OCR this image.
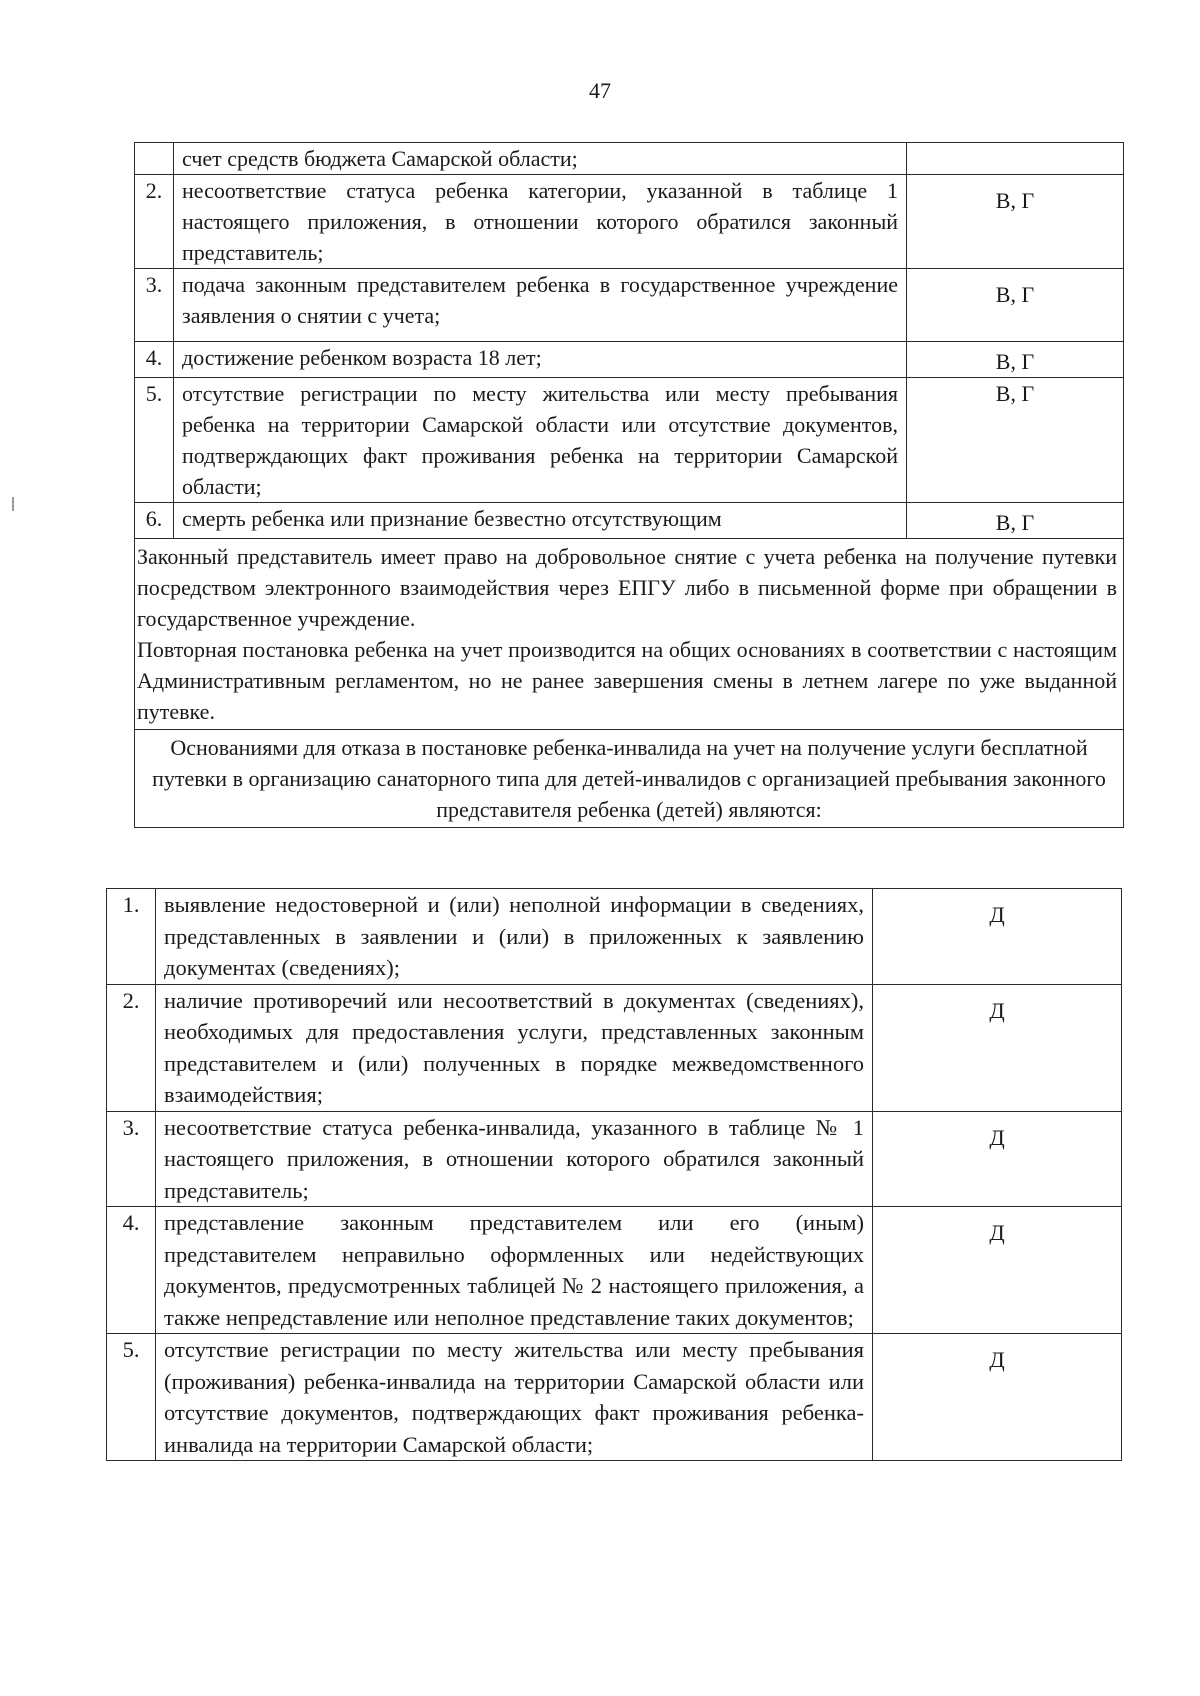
47
	счет средств бюджета Самарской области;	
2.	несоответствие статуса ребенка категории, указанной в таблице 1 настоящего приложения, в отношении которого обратился законный представитель;	В, Г
3.	подача законным представителем ребенка в государственное учреждение заявления о снятии с учета;	В, Г
4.	достижение ребенком возраста 18 лет;	В, Г
5.	отсутствие регистрации по месту жительства или месту пребывания ребенка на территории Самарской области или отсутствие документов, подтверждающих факт проживания ребенка на территории Самарской области;	В, Г
6.	смерть ребенка или признание безвестно отсутствующим	В, Г

Законный представитель имеет право на добровольное снятие с учета ребенка на получение путевки посредством электронного взаимодействия через ЕПГУ либо в письменной форме при обращении в государственное учреждение.
Повторная постановка ребенка на учет производится на общих основаниях в соответствии с настоящим Административным регламентом, но не ранее завершения смены в летнем лагере по уже выданной путевке.		

Основаниями для отказа в постановке ребенка-инвалида на учет на получение услуги бесплатной путевки в организацию санаторного типа для детей-инвалидов с организацией пребывания законного представителя ребенка (детей) являются:		
1.	выявление недостоверной и (или) неполной информации в сведениях, представленных в заявлении и (или) в приложенных к заявлению документах (сведениях);	Д
2.	наличие противоречий или несоответствий в документах (сведениях), необходимых для предоставления услуги, представленных законным представителем и (или) полученных в порядке межведомственного взаимодействия;	Д
3.	несоответствие статуса ребенка-инвалида, указанного в таблице № 1 настоящего приложения, в отношении которого обратился законный представитель;	Д
4.	представление законным представителем или его (иным) представителем неправильно оформленных или недействующих документов, предусмотренных таблицей № 2 настоящего приложения, а также непредставление или неполное представление таких документов;	Д
5.	отсутствие регистрации по месту жительства или месту пребывания (проживания) ребенка-инвалида на территории Самарской области или отсутствие документов, подтверждающих факт проживания ребенка-инвалида на территории Самарской области;	Д
